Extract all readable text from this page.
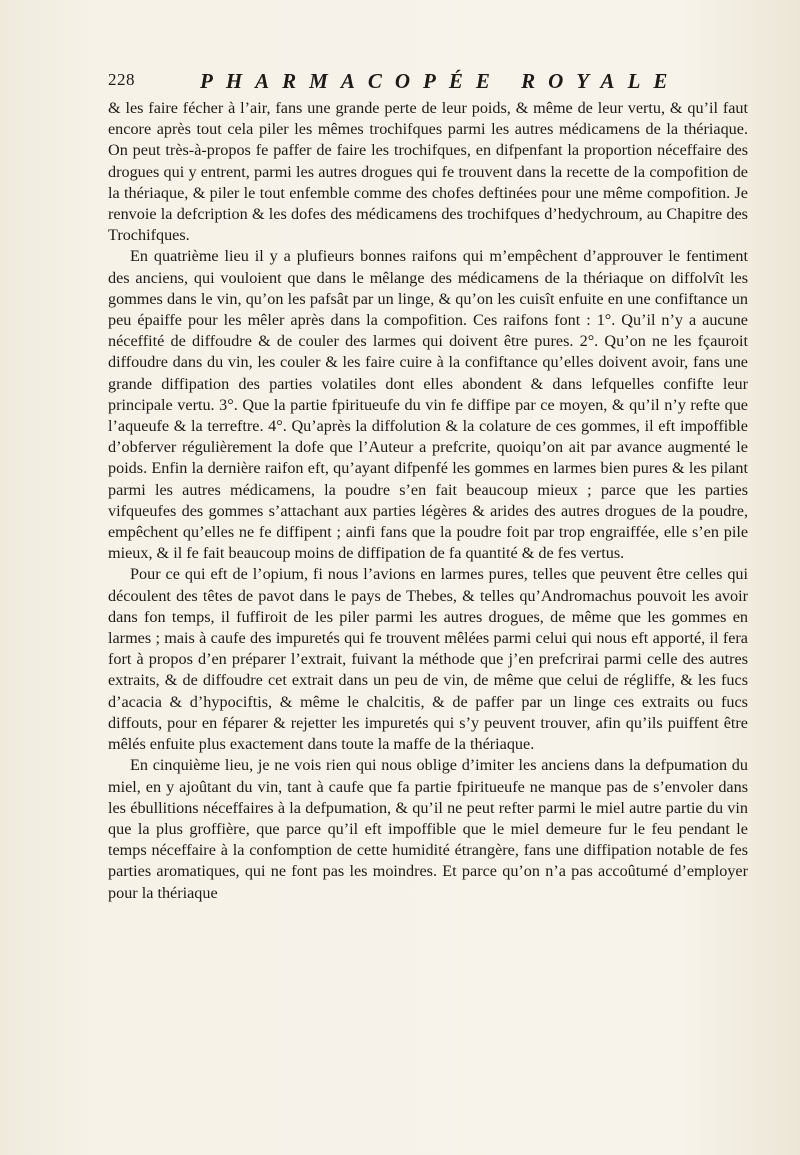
228	PHARMACOPÉE ROYALE

& les faire fécher à l’air, fans une grande perte de leur poids, & même de leur vertu, & qu’il faut encore après tout cela piler les mêmes trochifques parmi les autres médicamens de la thériaque. On peut très-à-propos fe paffer de faire les trochifques, en difpenfant la proportion néceffaire des drogues qui y entrent, parmi les autres drogues qui fe trouvent dans la recette de la compofition de la thériaque, & piler le tout enfemble comme des chofes deftinées pour une même compofition. Je renvoie la defcription & les dofes des médicamens des trochifques d’hedychroum, au Chapitre des Trochifques.

En quatrième lieu il y a plufieurs bonnes raifons qui m’empêchent d’approuver le fentiment des anciens, qui vouloient que dans le mêlange des médicamens de la thériaque on diffolvît les gommes dans le vin, qu’on les pafsât par un linge, & qu’on les cuisît enfuite en une confiftance un peu épaiffe pour les mêler après dans la compofition. Ces raifons font : 1°. Qu’il n’y a aucune néceffité de diffoudre & de couler des larmes qui doivent être pures. 2°. Qu’on ne les fçauroit diffoudre dans du vin, les couler & les faire cuire à la confiftance qu’elles doivent avoir, fans une grande diffipation des parties volatiles dont elles abondent & dans lefquelles confifte leur principale vertu. 3°. Que la partie fpiritueufe du vin fe diffipe par ce moyen, & qu’il n’y refte que l’aqueufe & la terreftre. 4°. Qu’après la diffolution & la colature de ces gommes, il eft impoffible d’obferver régulièrement la dofe que l’Auteur a prefcrite, quoiqu’on ait par avance augmenté le poids. Enfin la dernière raifon eft, qu’ayant difpenfé les gommes en larmes bien pures & les pilant parmi les autres médicamens, la poudre s’en fait beaucoup mieux ; parce que les parties vifqueufes des gommes s’attachant aux parties légères & arides des autres drogues de la poudre, empêchent qu’elles ne fe diffipent ; ainfi fans que la poudre foit par trop engraiffée, elle s’en pile mieux, & il fe fait beaucoup moins de diffipation de fa quantité & de fes vertus.

Pour ce qui eft de l’opium, fi nous l’avions en larmes pures, telles que peuvent être celles qui découlent des têtes de pavot dans le pays de Thebes, & telles qu’Andromachus pouvoit les avoir dans fon temps, il fuffiroit de les piler parmi les autres drogues, de même que les gommes en larmes ; mais à caufe des impuretés qui fe trouvent mêlées parmi celui qui nous eft apporté, il fera fort à propos d’en préparer l’extrait, fuivant la méthode que j’en prefcrirai parmi celle des autres extraits, & de diffoudre cet extrait dans un peu de vin, de même que celui de régliffe, & les fucs d’acacia & d’hypociftis, & même le chalcitis, & de paffer par un linge ces extraits ou fucs diffouts, pour en féparer & rejetter les impuretés qui s’y peuvent trouver, afin qu’ils puiffent être mêlés enfuite plus exactement dans toute la maffe de la thériaque.

En cinquième lieu, je ne vois rien qui nous oblige d’imiter les anciens dans la defpumation du miel, en y ajoûtant du vin, tant à caufe que fa partie fpiritueufe ne manque pas de s’envoler dans les ébullitions néceffaires à la defpumation, & qu’il ne peut refter parmi le miel autre partie du vin que la plus groffière, que parce qu’il eft impoffible que le miel demeure fur le feu pendant le temps néceffaire à la confomption de cette humidité étrangère, fans une diffipation notable de fes parties aromatiques, qui ne font pas les moindres. Et parce qu’on n’a pas accoûtumé d’employer pour la thériaque
